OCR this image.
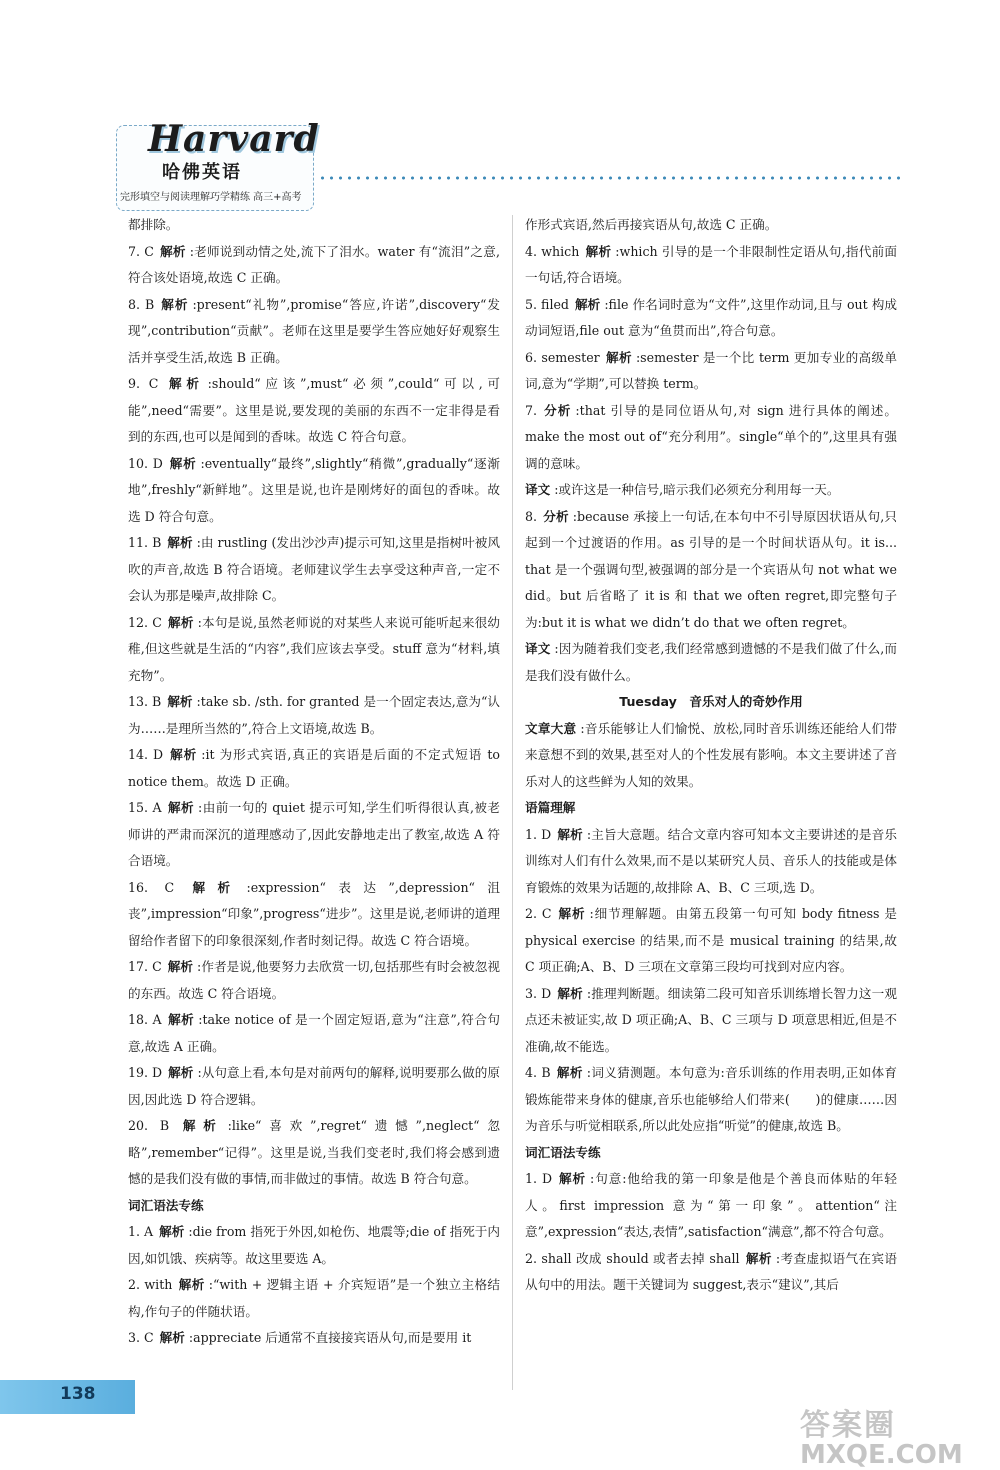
Harvard
哈佛英语
完形填空与阅读理解巧学精练 高三+高考

都排除。

7. C 解析 :老师说到动情之处,流下了泪水。water 有“流泪”之意,符合该处语境,故选 C 正确。

8. B 解析 :present“礼物”,promise“答应,许诺”,discovery“发现”,contribution“贡献”。老师在这里是要学生答应她好好观察生活并享受生活,故选 B 正确。

9. C 解析 :should“应该”,must“必须”,could“可以,可能”,need“需要”。这里是说,要发现的美丽的东西不一定非得是看到的东西,也可以是闻到的香味。故选 C 符合句意。

10. D 解析 :eventually“最终”,slightly“稍微”,gradually“逐渐地”,freshly“新鲜地”。这里是说,也许是刚烤好的面包的香味。故选 D 符合句意。

11. B 解析 :由 rustling (发出沙沙声)提示可知,这里是指树叶被风吹的声音,故选 B 符合语境。老师建议学生去享受这种声音,一定不会认为那是噪声,故排除 C。

12. C 解析 :本句是说,虽然老师说的对某些人来说可能听起来很幼稚,但这些就是生活的“内容”,我们应该去享受。stuff 意为“材料,填充物”。

13. B 解析 :take sb. /sth. for granted 是一个固定表达,意为“认为……是理所当然的”,符合上文语境,故选 B。

14. D 解析 :it 为形式宾语,真正的宾语是后面的不定式短语 to notice them。故选 D 正确。

15. A 解析 :由前一句的 quiet 提示可知,学生们听得很认真,被老师讲的严肃而深沉的道理感动了,因此安静地走出了教室,故选 A 符合语境。

16. C 解析 :expression“表达”,depression“沮丧”,impression“印象”,progress“进步”。这里是说,老师讲的道理留给作者留下的印象很深刻,作者时刻记得。故选 C 符合语境。

17. C 解析 :作者是说,他要努力去欣赏一切,包括那些有时会被忽视的东西。故选 C 符合语境。

18. A 解析 :take notice of 是一个固定短语,意为“注意”,符合句意,故选 A 正确。

19. D 解析 :从句意上看,本句是对前两句的解释,说明要那么做的原因,因此选 D 符合逻辑。

20. B 解析 :like“喜欢”,regret“遗憾”,neglect“忽略”,remember“记得”。这里是说,当我们变老时,我们将会感到遗憾的是我们没有做的事情,而非做过的事情。故选 B 符合句意。

词汇语法专练

1. A 解析 :die from 指死于外因,如枪伤、地震等;die of 指死于内因,如饥饿、疾病等。故这里要选 A。

2. with 解析 :“with + 逻辑主语 + 介宾短语”是一个独立主格结构,作句子的伴随状语。

3. C 解析 :appreciate 后通常不直接接宾语从句,而是要用 it

作形式宾语,然后再接宾语从句,故选 C 正确。

4. which 解析 :which 引导的是一个非限制性定语从句,指代前面一句话,符合语境。

5. filed 解析 :file 作名词时意为“文件”,这里作动词,且与 out 构成动词短语,file out 意为“鱼贯而出”,符合句意。

6. semester 解析 :semester 是一个比 term 更加专业的高级单词,意为“学期”,可以替换 term。

7. 分析 :that 引导的是同位语从句,对 sign 进行具体的阐述。make the most out of“充分利用”。single“单个的”,这里具有强调的意味。

译文 :或许这是一种信号,暗示我们必须充分利用每一天。

8. 分析 :because 承接上一句话,在本句中不引导原因状语从句,只起到一个过渡语的作用。as 引导的是一个时间状语从句。it is... that 是一个强调句型,被强调的部分是一个宾语从句 not what we did。but 后省略了 it is 和 that we often regret,即完整句子为:but it is what we didn’t do that we often regret。

译文 :因为随着我们变老,我们经常感到遗憾的不是我们做了什么,而是我们没有做什么。

Tuesday　音乐对人的奇妙作用

文章大意 :音乐能够让人们愉悦、放松,同时音乐训练还能给人们带来意想不到的效果,甚至对人的个性发展有影响。本文主要讲述了音乐对人的这些鲜为人知的效果。

语篇理解

1. D 解析 :主旨大意题。结合文章内容可知本文主要讲述的是音乐训练对人们有什么效果,而不是以某研究人员、音乐人的技能或是体育锻炼的效果为话题的,故排除 A、B、C 三项,选 D。

2. C 解析 :细节理解题。由第五段第一句可知 body fitness 是 physical exercise 的结果,而不是 musical training 的结果,故 C 项正确;A、B、D 三项在文章第三段均可找到对应内容。

3. D 解析 :推理判断题。细读第二段可知音乐训练增长智力这一观点还未被证实,故 D 项正确;A、B、C 三项与 D 项意思相近,但是不准确,故不能选。

4. B 解析 :词义猜测题。本句意为:音乐训练的作用表明,正如体育锻炼能带来身体的健康,音乐也能够给人们带来(　　)的健康……因为音乐与听觉相联系,所以此处应指“听觉”的健康,故选 B。

词汇语法专练

1. D 解析 :句意:他给我的第一印象是他是个善良而体贴的年轻人。first impression 意为“第一印象”。attention“注意”,expression“表达,表情”,satisfaction“满意”,都不符合句意。

2. shall 改成 should 或者去掉 shall 解析 :考查虚拟语气在宾语从句中的用法。题干关键词为 suggest,表示“建议”,其后

138
答案圈
MXQE.COM
